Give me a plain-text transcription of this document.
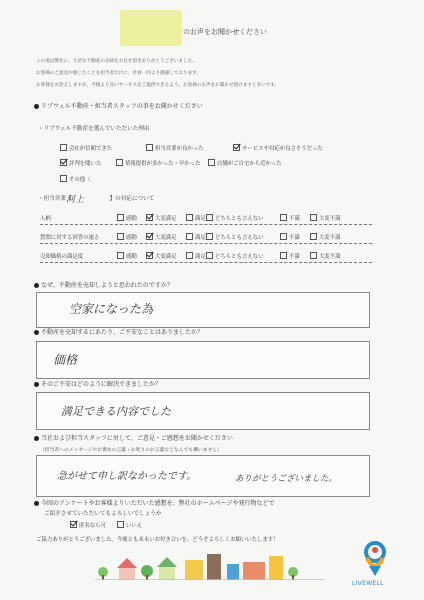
のお声をお聞かせください
この度は弊社に、大切な不動産の売却をお任せ頂きありがとうございました。
お客様のご意見や感じたことを担当者だけに、社員一同より感謝しております。
お客様をお迎えしますが、今後より良いサービスをご提供できるよう、お客様のお声をお聞かせ頂けますと幸いです。
リブウェル不動産・担当者スタッフの事をお聞かせください
・リブウェル不動産を選んでいただいた理由
会社が信頼できた	担当営業が良かった	サービスや対応が良さそうだった
評判を聞いた	情報提供が多かった・早かった	店舗がご自宅から近かった
その他（
・担当営業【	】の対応について
河上
人柄	感動	大変満足	満足	どちらとも言えない	不満	大変不満
質問に対する回答の速さ	感動	大変満足	満足	どちらとも言えない	不満	大変不満
売却価格の満足度	感動	大変満足	満足	どちらとも言えない	不満	大変不満
なぜ、不動産を売却しようと思われたのですか？
空家になった為
不動産を売却するにあたり、ご不安なことはありましたか？
価格
そのご不安はどのように解決できましたか？
満足できる内容でした
当社および担当スタッフに対して、ご意見・ご感想をお聞かせください
（担当者へのメッセージやお褒めの言葉・お叱りのお言葉などなんでも構いません）
急がせて申し訳なかったです。	ありがとうございました。
今回のアンケートやお客様よりいただいた感想を、弊社のホームページや発行物などで
ご紹介させていただいてもよろしいでしょうか
匿名なら可	いいえ
ご協力ありがとうございました。今後とも末永いお付き合いを、どうぞよろしくお願いいたします！
LIVEWELL
